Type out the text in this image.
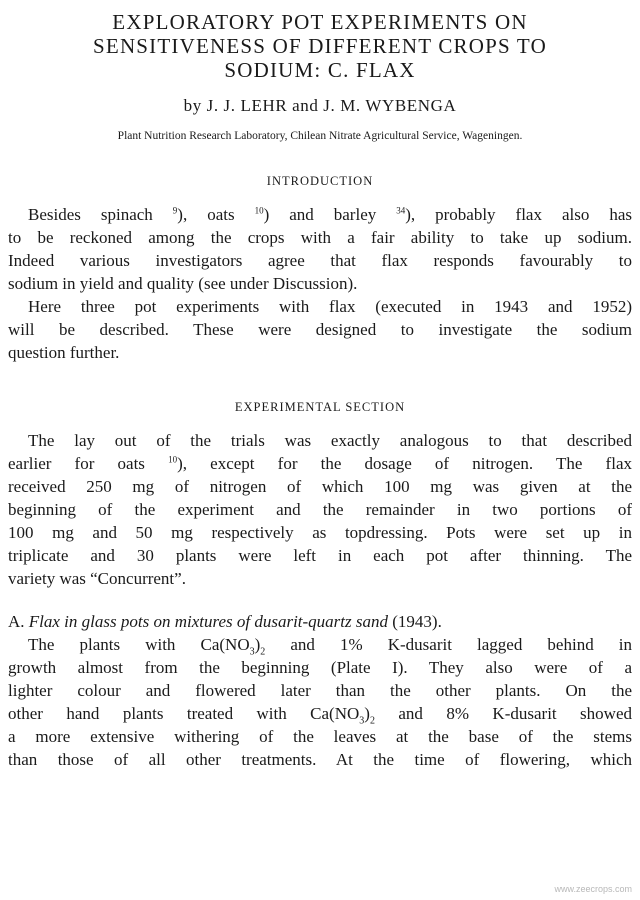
EXPLORATORY POT EXPERIMENTS ON
SENSITIVENESS OF DIFFERENT CROPS TO
SODIUM: C. FLAX

by J. J. LEHR and J. M. WYBENGA

Plant Nutrition Research Laboratory, Chilean Nitrate Agricultural Service, Wageningen.

INTRODUCTION

Besides spinach $^9$), oats $^{10}$) and barley $^{34}$), probably flax also has
to be reckoned among the crops with a fair ability to take up sodium.
Indeed various investigators agree that flax responds favourably to
sodium in yield and quality (see under Discussion).

Here three pot experiments with flax (executed in 1943 and 1952)
will be described. These were designed to investigate the sodium
question further.

EXPERIMENTAL SECTION

The lay out of the trials was exactly analogous to that described
earlier for oats $^{10}$), except for the dosage of nitrogen. The flax
received 250 mg of nitrogen of which 100 mg was given at the
beginning of the experiment and the remainder in two portions of
100 mg and 50 mg respectively as topdressing. Pots were set up in
triplicate and 30 plants were left in each pot after thinning. The
variety was “Concurrent”.

A. Flax in glass pots on mixtures of dusarit-quartz sand (1943).

The plants with $Ca(NO_3)_2$ and 1% K-dusarit lagged behind in
growth almost from the beginning (Plate I). They also were of a
lighter colour and flowered later than the other plants. On the
other hand plants treated with $Ca(NO_3)_2$ and 8% K-dusarit showed
a more extensive withering of the leaves at the base of the stems
than those of all other treatments. At the time of flowering, which

www.zeecrops.com
